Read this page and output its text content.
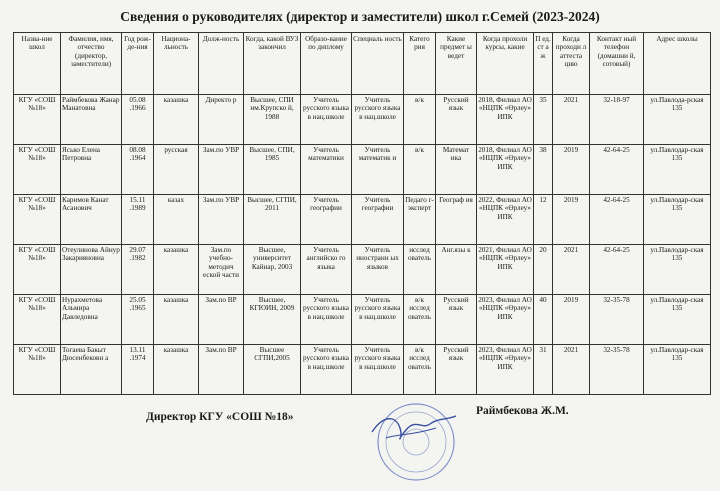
Сведения о руководителях (директор и заместители) школ г.Семей (2023-2024)
Назва-ние школ	Фамилия, имя, отчество (директор, заместители)	Год рож-де-ния	Национа-льность	Долж-ность	Когда, какой ВУЗ закончил	Образо-вание по диплому	Специаль ность	Катего рия	Какие предмет ы ведет	Когда прохоли курсы, какие	П ед. ст а ж	Когда проходи л аттеста цию	Контакт ный телефон (домашни й, сотовый)	Адрес школы
КГУ «СОШ №18»	Раймбекова Жанар Манатовна	05.08 .1966	казашка	Директо р	Высшее, СПИ им.Крупско й, 1988	Учитель русского языка в нац.школе	Учитель русского языка в нац.школе	в/к	Русский язык	2018, Филиал АО «НЦПК «Өрлеу» ИПК	35	2021	32-18-97	ул.Павлода-рская 135
КГУ «СОШ №18»	Ясько Елена Петровна	08.08 .1964	русская	Зам.по УВР	Высшее, СПИ, 1985	Учитель математики	Учитель математик и	в/к	Математ ика	2018, Филиал АО «НЦПК «Өрлеу» ИПК	38	2019	42-64-25	ул.Павлодар-ская 135
КГУ «СОШ №18»	Каримов Канат Асанович	15.11 .1989	казах	Зам.по УВР	Высшее, СГПИ, 2011	Учитель географии	Учитель географии	Педаго г-эксперт	Географ ия	2022, Филиал АО «НЦПК «Өрлеу» ИПК	12	2019	42-64-25	ул.Павлодар-ская 135
КГУ «СОШ №18»	Отеулинова Айнур Закарияновна	29.07 .1982	казашка	Зам.по учебно-методич еской части	Высшее, университет Кайнар, 2003	Учитель английско го языка	Учитель иностранн ых языков	исслед ователь	Анг.язы к	2021, Филиал АО «НЦПК «Өрлеу» ИПК	20	2021	42-64-25	ул.Павлодар-ская 135
КГУ «СОШ №18»	Нурахметова Альмира Давледовна	25.05 .1965	казашка	Зам.по ВР	Высшее, КГЮИН, 2009	Учитель русского языка в нац.школе	Учитель русского языка в нац.школе	в/к исслед ователь	Русский язык	2023, Филиал АО «НЦПК «Өрлеу» ИПК	40	2019	32-35-78	ул.Павлодар-ская 135
КГУ «СОШ №18»	Тогаева Бакыт Дюсенбековн а	13.11 .1974	казашка	Зам.по ВР	Высшее СГПИ,2005	Учитель русского языка в нац.школе	Учитель русского языка в нац.школе	в/к исслед ователь	Русский язык	2023, Филиал АО «НЦПК «Өрлеу» ИПК	31	2021	32-35-78	ул.Павлодар-ская 135
Директор КГУ «СОШ №18»	Раймбекова Ж.М.
